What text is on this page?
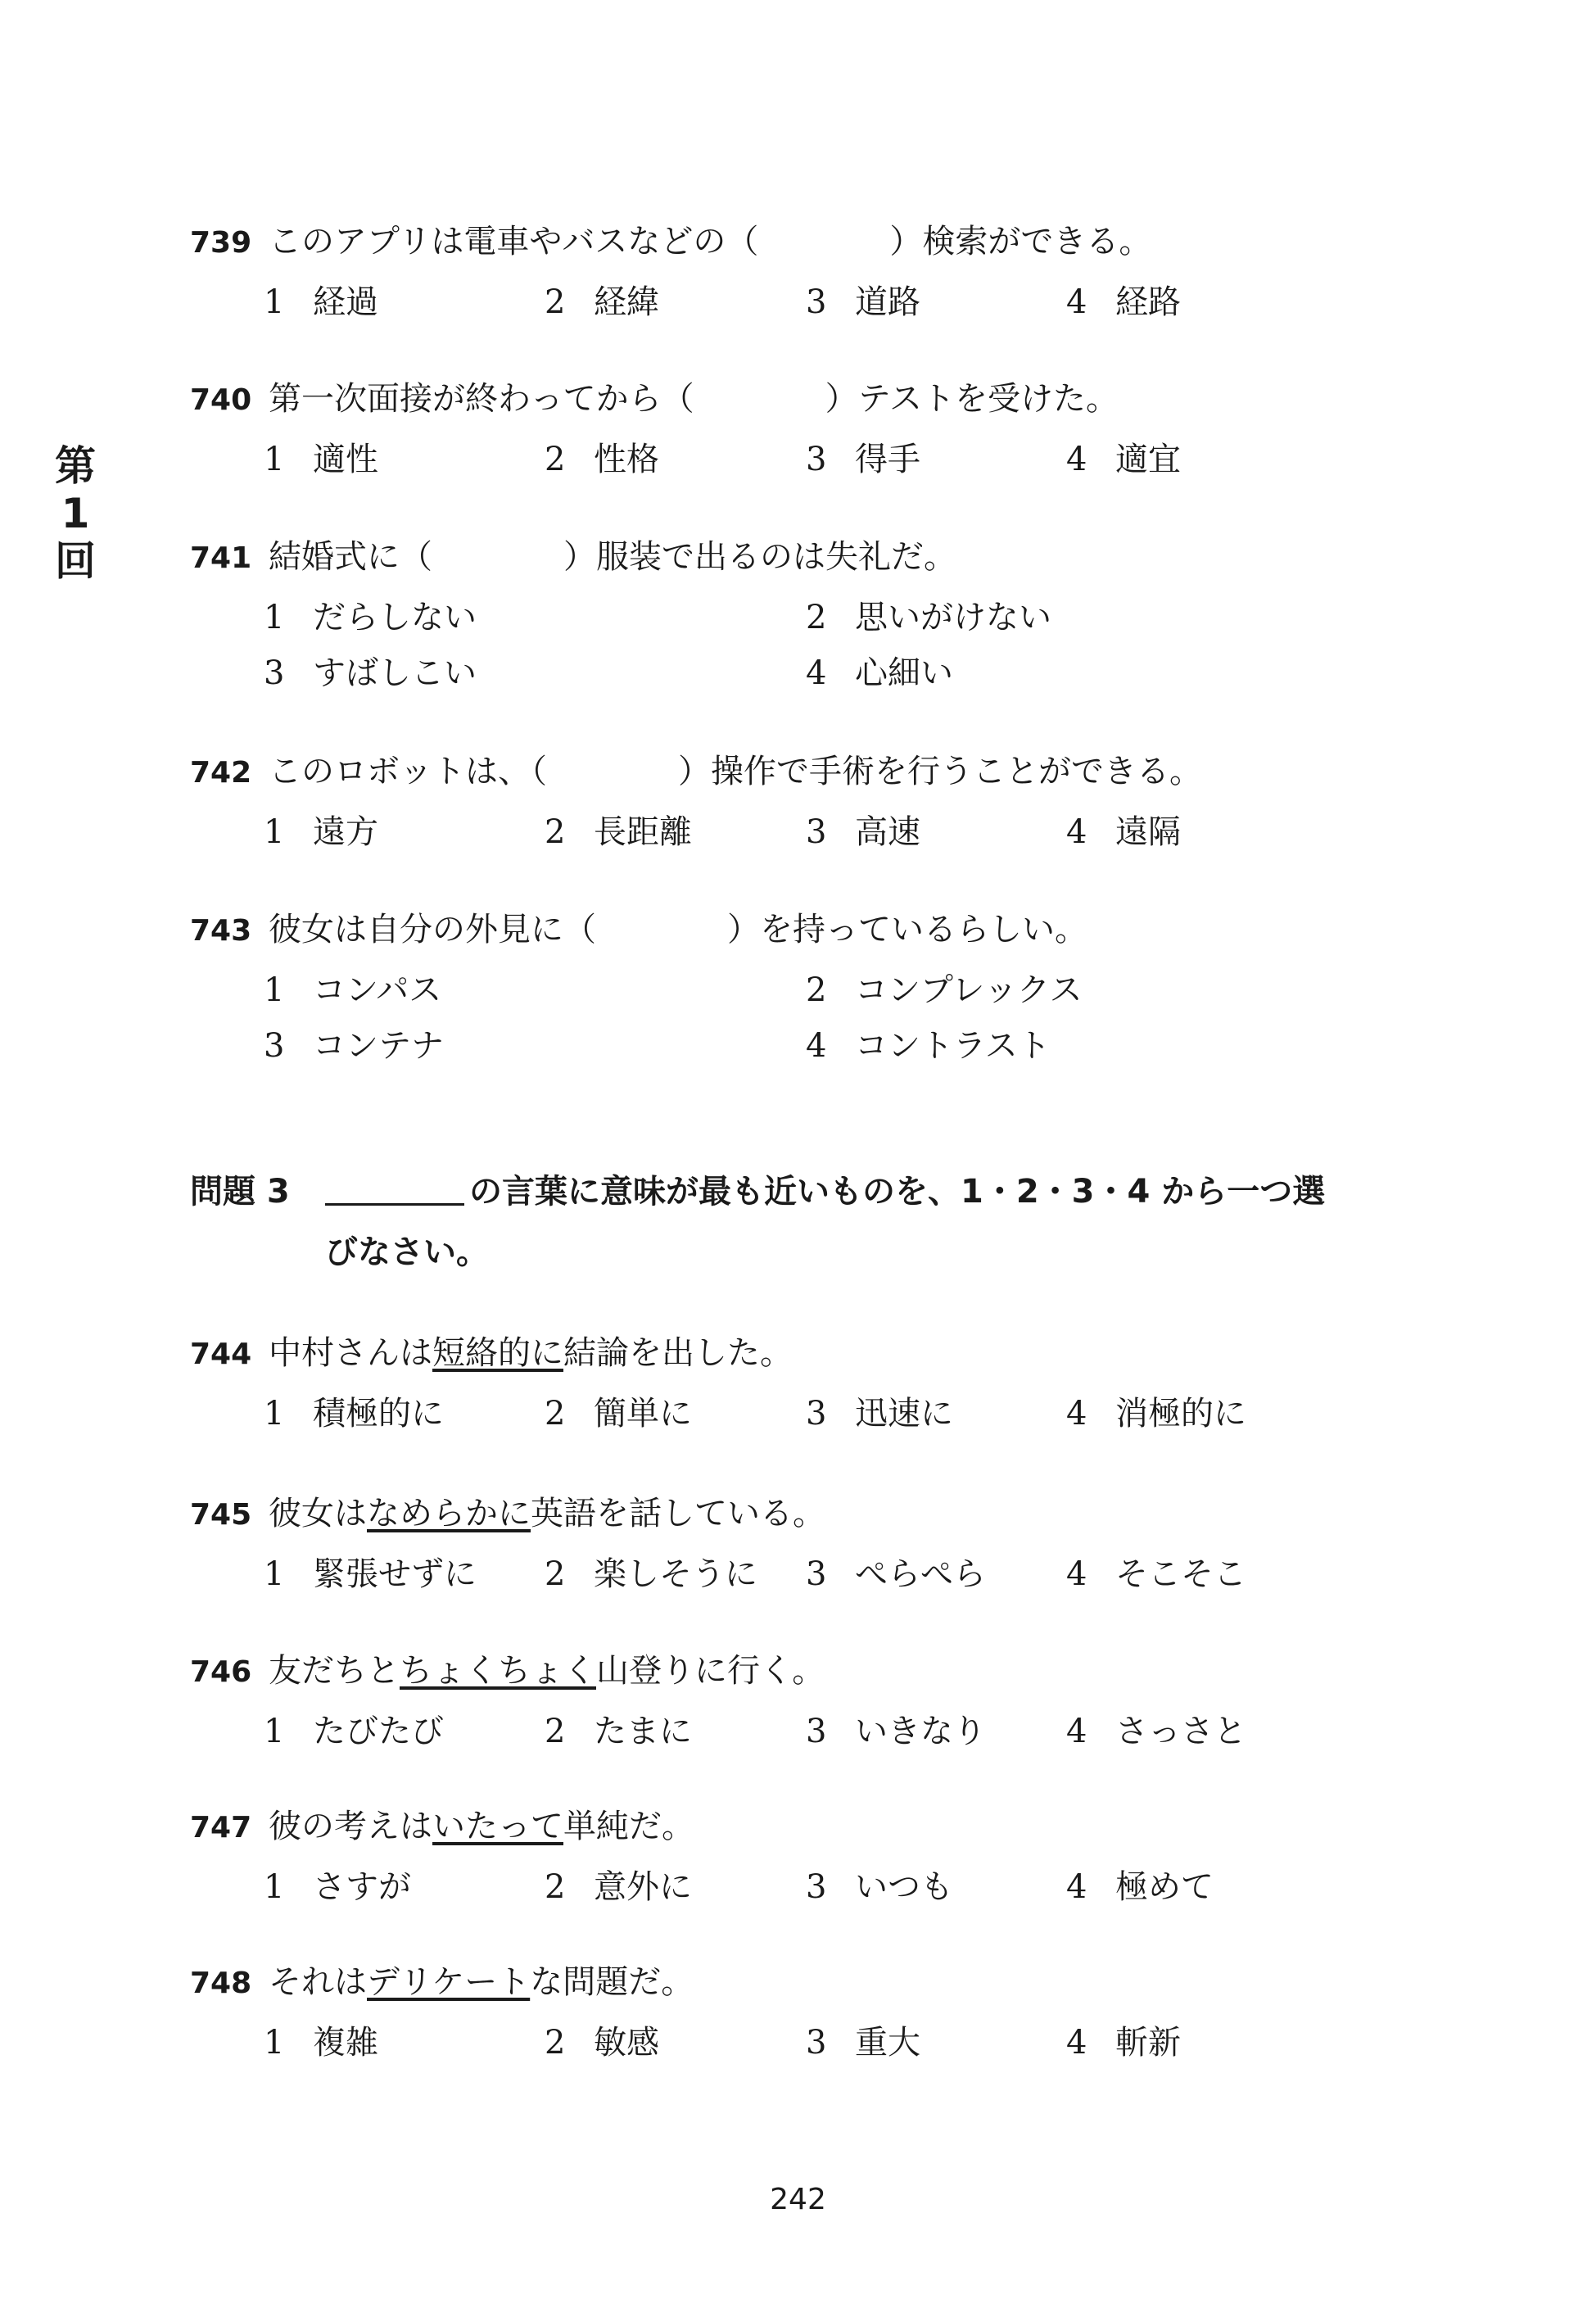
第
1
回
739 このアプリは電車やバスなどの（	）検索ができる。
1 経過	2 経緯	3 道路	4 経路
740 第一次面接が終わってから（	）テストを受けた。
1 適性	2 性格	3 得手	4 適宜
741 結婚式に（	）服装で出るのは失礼だ。
1 だらしない	2 思いがけない
3 すばしこい	4 心細い
742 このロボットは、（	）操作で手術を行うことができる。
1 遠方	2 長距離	3 高速	4 遠隔
743 彼女は自分の外見に（	）を持っているらしい。
1 コンパス	2 コンプレックス
3 コンテナ	4 コントラスト
問題 3	の言葉に意味が最も近いものを、1・2・3・4 から一つ選
びなさい。
744 中村さんは短絡的に結論を出した。
1 積極的に	2 簡単に	3 迅速に	4 消極的に
745 彼女はなめらかに英語を話している。
1 緊張せずに 2 楽しそうに 3 ぺらぺら 4 そこそこ
746 友だちとちょくちょく山登りに行く。
1 たびたび	2 たまに	3 いきなり 4 さっさと
747 彼の考えはいたって単純だ。
1 さすが	2 意外に	3 いつも	4 極めて
748 それはデリケートな問題だ。
1 複雑	2 敏感	3 重大	4 斬新
242
